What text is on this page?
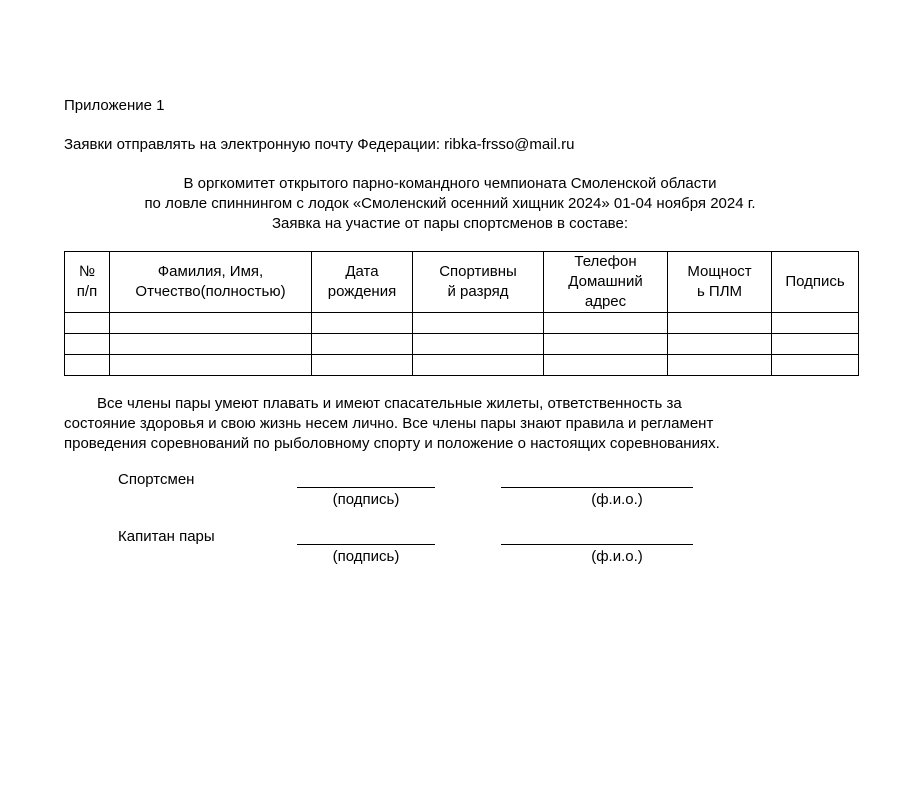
Приложение 1
Заявки отправлять на электронную почту Федерации: ribka-frsso@mail.ru
В оргкомитет открытого парно-командного чемпионата Смоленской области
по ловле спиннингом с лодок «Смоленский осенний хищник 2024» 01-04 ноября 2024 г.
Заявка на участие от пары спортсменов в составе:
№
п/п	Фамилия, Имя,
Отчество(полностью)	Дата
рождения	Спортивны
й разряд	Телефон
Домашний
адрес	Мощност
ь ПЛМ	Подпись

Все члены пары умеют плавать и имеют спасательные жилеты, ответственность за
состояние здоровья и свою жизнь несем лично. Все члены пары знают правила и регламент
проведения соревнований по рыболовному спорту и положение о настоящих соревнованиях.
Спортсмен
(подпись)	(ф.и.о.)
Капитан пары
(подпись)	(ф.и.о.)
